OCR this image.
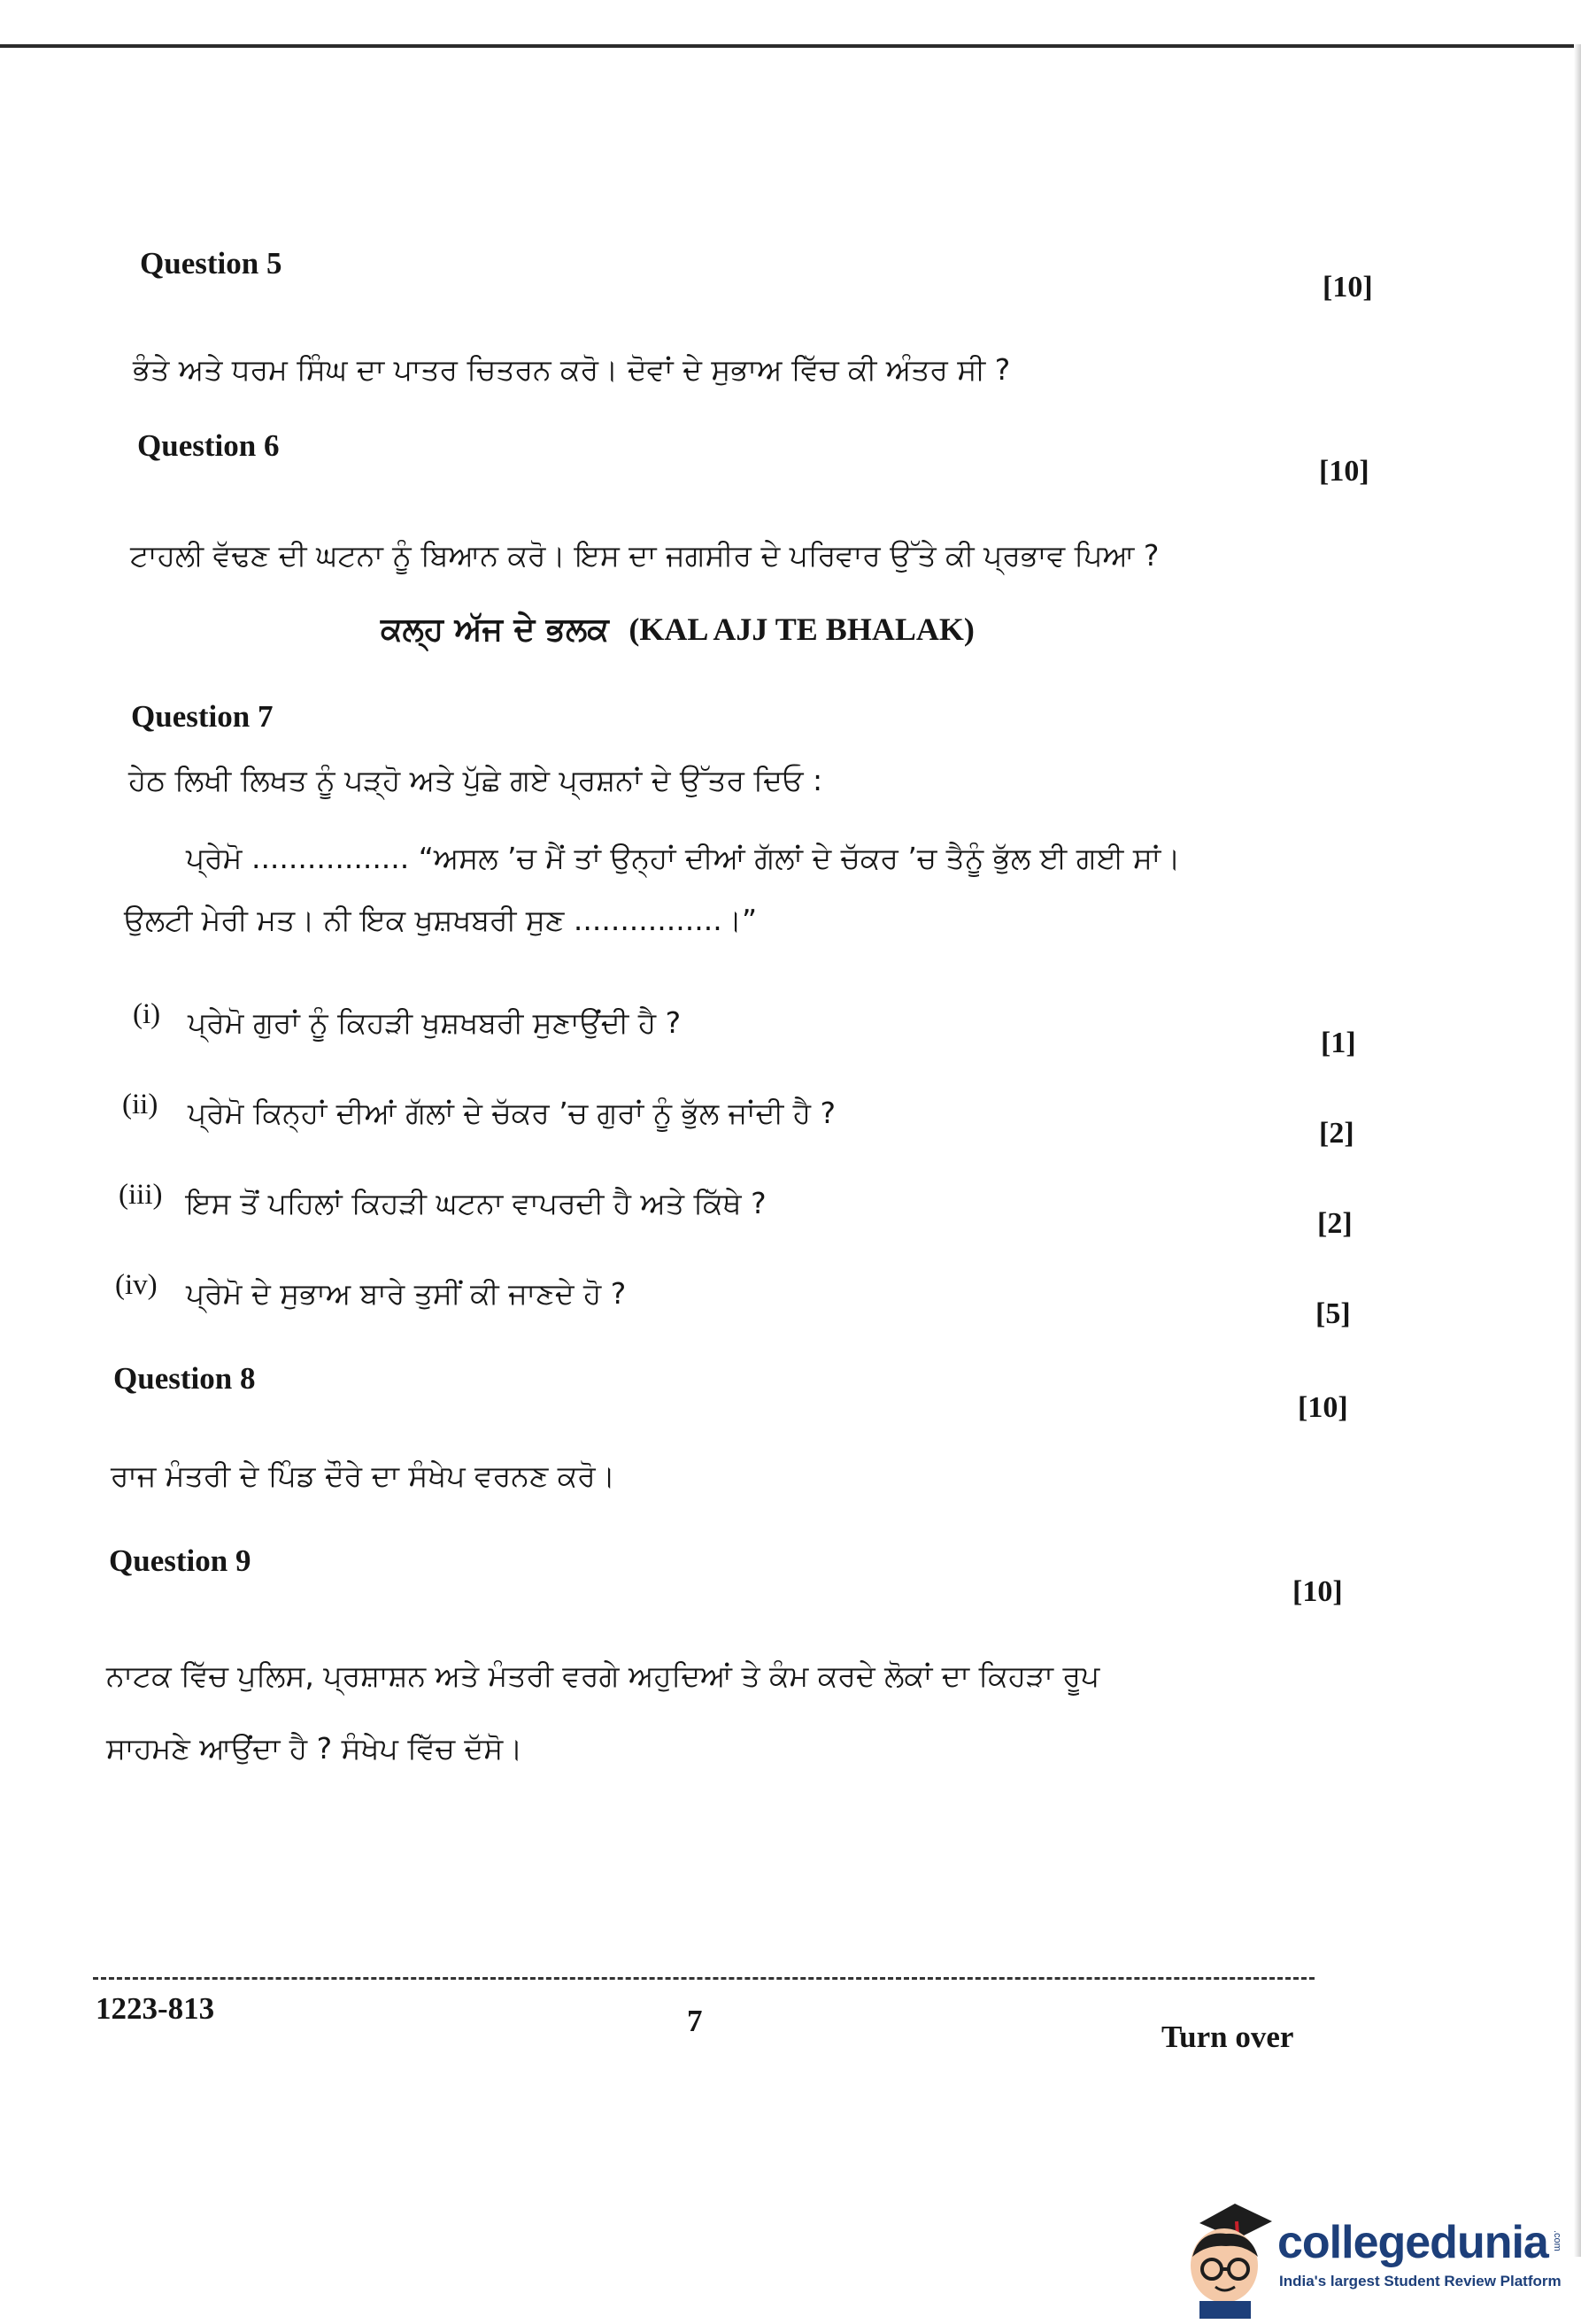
Question 5
[10]
ਭੰਤੇ ਅਤੇ ਧਰਮ ਸਿੰਘ ਦਾ ਪਾਤਰ ਚਿਤਰਨ ਕਰੋ। ਦੋਵਾਂ ਦੇ ਸੁਭਾਅ ਵਿੱਚ ਕੀ ਅੰਤਰ ਸੀ ?
Question 6
[10]
ਟਾਹਲੀ ਵੱਢਣ ਦੀ ਘਟਨਾ ਨੂੰ ਬਿਆਨ ਕਰੋ। ਇਸ ਦਾ ਜਗਸੀਰ ਦੇ ਪਰਿਵਾਰ ਉੱਤੇ ਕੀ ਪ੍ਰਭਾਵ ਪਿਆ ?
ਕਲ੍ਹ ਅੱਜ ਦੇ ਭਲਕ (KAL AJJ TE BHALAK)
Question 7
ਹੇਠ ਲਿਖੀ ਲਿਖਤ ਨੂੰ ਪੜ੍ਹੋ ਅਤੇ ਪੁੱਛੇ ਗਏ ਪ੍ਰਸ਼ਨਾਂ ਦੇ ਉੱਤਰ ਦਿਓ :
ਪ੍ਰੇਮੋ ................. “ਅਸਲ ’ਚ ਮੈਂ ਤਾਂ ਉਨ੍ਹਾਂ ਦੀਆਂ ਗੱਲਾਂ ਦੇ ਚੱਕਰ ’ਚ ਤੈਨੂੰ ਭੁੱਲ ਈ ਗਈ ਸਾਂ।
ਉਲਟੀ ਮੇਰੀ ਮਤ। ਨੀ ਇਕ ਖੁਸ਼ਖਬਰੀ ਸੁਣ ................।”
(i) ਪ੍ਰੇਮੋ ਗੁਰਾਂ ਨੂੰ ਕਿਹੜੀ ਖੁਸ਼ਖਬਰੀ ਸੁਣਾਉਂਦੀ ਹੈ ?
[1]
(ii) ਪ੍ਰੇਮੋ ਕਿਨ੍ਹਾਂ ਦੀਆਂ ਗੱਲਾਂ ਦੇ ਚੱਕਰ ’ਚ ਗੁਰਾਂ ਨੂੰ ਭੁੱਲ ਜਾਂਦੀ ਹੈ ?
[2]
(iii) ਇਸ ਤੋਂ ਪਹਿਲਾਂ ਕਿਹੜੀ ਘਟਨਾ ਵਾਪਰਦੀ ਹੈ ਅਤੇ ਕਿੱਥੇ ?
[2]
(iv) ਪ੍ਰੇਮੋ ਦੇ ਸੁਭਾਅ ਬਾਰੇ ਤੁਸੀਂ ਕੀ ਜਾਣਦੇ ਹੋ ?
[5]
Question 8
[10]
ਰਾਜ ਮੰਤਰੀ ਦੇ ਪਿੰਡ ਦੌਰੇ ਦਾ ਸੰਖੇਪ ਵਰਨਣ ਕਰੋ।
Question 9
[10]
ਨਾਟਕ ਵਿੱਚ ਪੁਲਿਸ, ਪ੍ਰਸ਼ਾਸ਼ਨ ਅਤੇ ਮੰਤਰੀ ਵਰਗੇ ਅਹੁਦਿਆਂ ਤੇ ਕੰਮ ਕਰਦੇ ਲੋਕਾਂ ਦਾ ਕਿਹੜਾ ਰੂਪ
ਸਾਹਮਣੇ ਆਉਂਦਾ ਹੈ ? ਸੰਖੇਪ ਵਿੱਚ ਦੱਸੋ।
1223-813	7	Turn over
collegedunia .com
India's largest Student Review Platform
